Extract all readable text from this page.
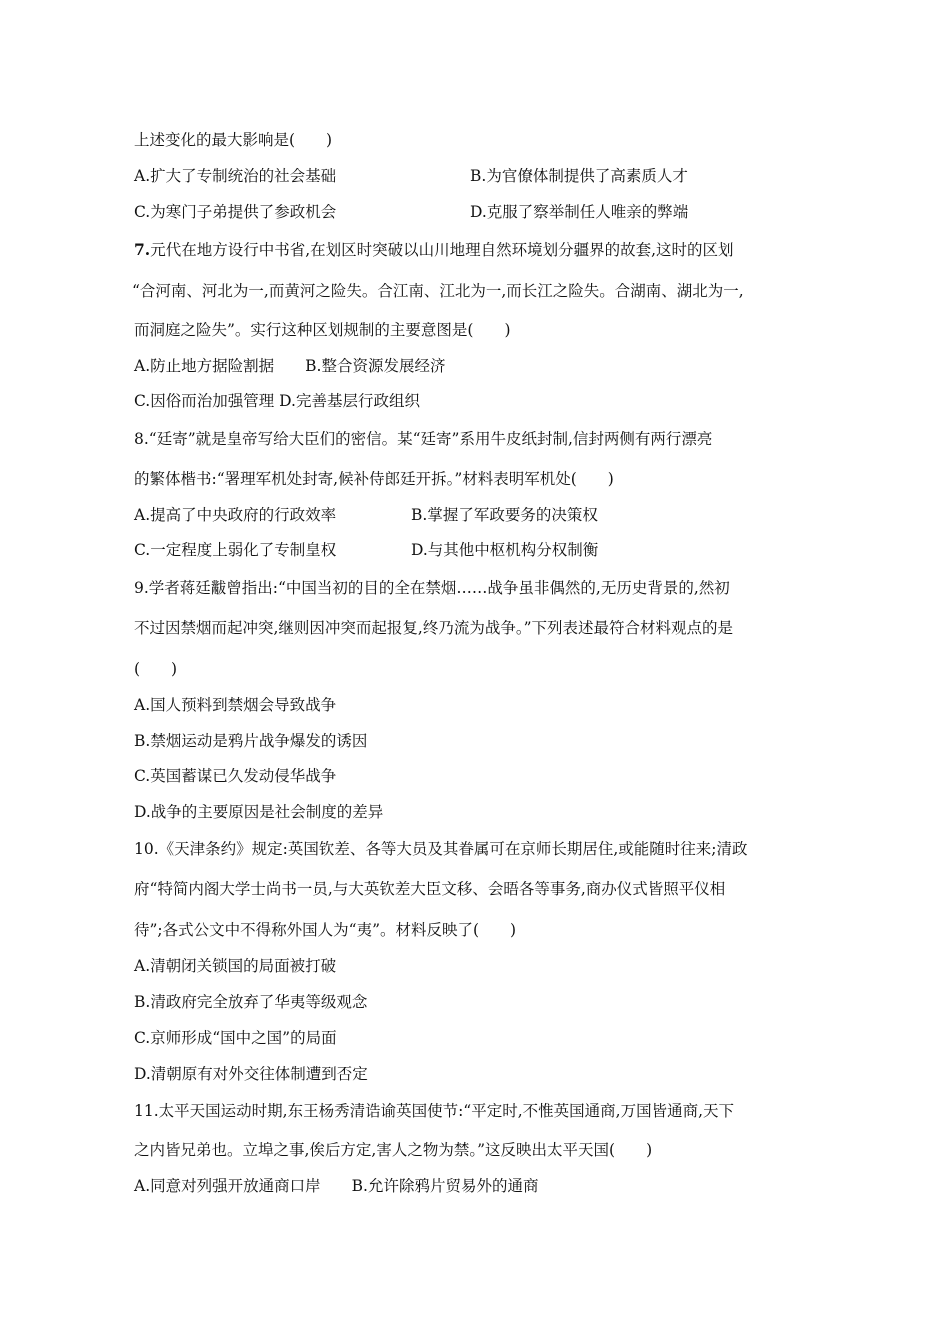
上述变化的最大影响是(　　)
A.扩大了专制统治的社会基础	B.为官僚体制提供了高素质人才
C.为寒门子弟提供了参政机会	D.克服了察举制任人唯亲的弊端
7.元代在地方设行中书省,在划区时突破以山川地理自然环境划分疆界的故套,这时的区划
“合河南、河北为一,而黄河之险失。合江南、江北为一,而长江之险失。合湖南、湖北为一,
而洞庭之险失”。实行这种区划规制的主要意图是(　　)
A.防止地方据险割据　　B.整合资源发展经济
C.因俗而治加强管理 D.完善基层行政组织
8.“廷寄”就是皇帝写给大臣们的密信。某“廷寄”系用牛皮纸封制,信封两侧有两行漂亮
的繁体楷书:“署理军机处封寄,候补侍郎廷开拆。”材料表明军机处(　　)
A.提高了中央政府的行政效率	B.掌握了军政要务的决策权
C.一定程度上弱化了专制皇权	D.与其他中枢机构分权制衡
9.学者蒋廷黻曾指出:“中国当初的目的全在禁烟……战争虽非偶然的,无历史背景的,然初
不过因禁烟而起冲突,继则因冲突而起报复,终乃流为战争。”下列表述最符合材料观点的是
(　　)
A.国人预料到禁烟会导致战争
B.禁烟运动是鸦片战争爆发的诱因
C.英国蓄谋已久发动侵华战争
D.战争的主要原因是社会制度的差异
10.《天津条约》规定:英国钦差、各等大员及其眷属可在京师长期居住,或能随时往来;清政
府“特简内阁大学士尚书一员,与大英钦差大臣文移、会晤各等事务,商办仪式皆照平仪相
待”;各式公文中不得称外国人为“夷”。材料反映了(　　)
A.清朝闭关锁国的局面被打破
B.清政府完全放弃了华夷等级观念
C.京师形成“国中之国”的局面
D.清朝原有对外交往体制遭到否定
11.太平天国运动时期,东王杨秀清诰谕英国使节:“平定时,不惟英国通商,万国皆通商,天下
之内皆兄弟也。立埠之事,俟后方定,害人之物为禁。”这反映出太平天国(　　)
A.同意对列强开放通商口岸　　B.允许除鸦片贸易外的通商
